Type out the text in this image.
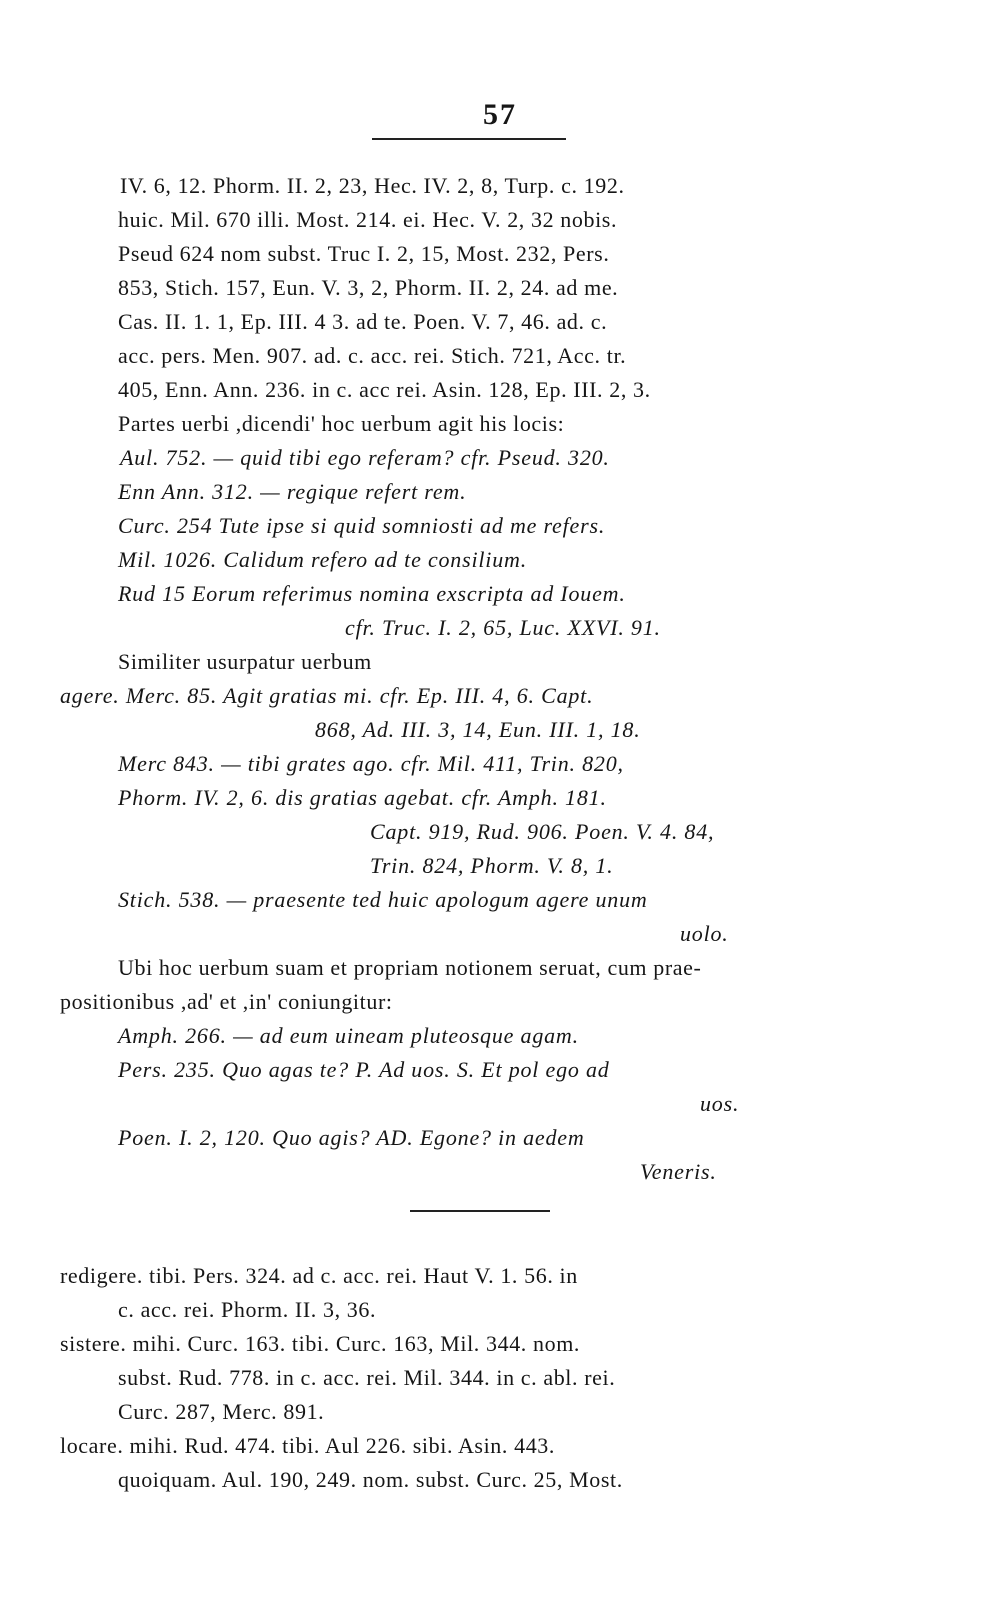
57
IV. 6, 12. Phorm. II. 2, 23, Hec. IV. 2, 8, Turp. c. 192.
huic. Mil. 670 illi. Most. 214. ei. Hec. V. 2, 32 nobis.
Pseud 624 nom subst. Truc I. 2, 15, Most. 232, Pers.
853, Stich. 157, Eun. V. 3, 2, Phorm. II. 2, 24. ad me.
Cas. II. 1. 1, Ep. III. 4 3. ad te. Poen. V. 7, 46. ad. c.
acc. pers. Men. 907. ad. c. acc. rei. Stich. 721, Acc. tr.
405, Enn. Ann. 236. in c. acc rei. Asin. 128, Ep. III. 2, 3.
Partes uerbi ,dicendi' hoc uerbum agit his locis:
Aul. 752. — quid tibi ego referam? cfr. Pseud. 320.
Enn Ann. 312. — regique refert rem.
Curc. 254 Tute ipse si quid somniosti ad me refers.
Mil. 1026. Calidum refero ad te consilium.
Rud 15 Eorum referimus nomina exscripta ad Iouem.
cfr. Truc. I. 2, 65, Luc. XXVI. 91.
Similiter usurpatur uerbum
agere. Merc. 85. Agit gratias mi. cfr. Ep. III. 4, 6. Capt.
868, Ad. III. 3, 14, Eun. III. 1, 18.
Merc 843. — tibi grates ago. cfr. Mil. 411, Trin. 820,
Phorm. IV. 2, 6. dis gratias agebat. cfr. Amph. 181.
Capt. 919, Rud. 906. Poen. V. 4. 84,
Trin. 824, Phorm. V. 8, 1.
Stich. 538. — praesente ted huic apologum agere unum
uolo.
Ubi hoc uerbum suam et propriam notionem seruat, cum prae-
positionibus ,ad' et ,in' coniungitur:
Amph. 266. — ad eum uineam pluteosque agam.
Pers. 235. Quo agas te? P. Ad uos. S. Et pol ego ad
uos.
Poen. I. 2, 120. Quo agis? AD. Egone? in aedem
Veneris.
redigere. tibi. Pers. 324. ad c. acc. rei. Haut V. 1. 56. in
c. acc. rei. Phorm. II. 3, 36.
sistere. mihi. Curc. 163. tibi. Curc. 163, Mil. 344. nom.
subst. Rud. 778. in c. acc. rei. Mil. 344. in c. abl. rei.
Curc. 287, Merc. 891.
locare. mihi. Rud. 474. tibi. Aul 226. sibi. Asin. 443.
quoiquam. Aul. 190, 249. nom. subst. Curc. 25, Most.
